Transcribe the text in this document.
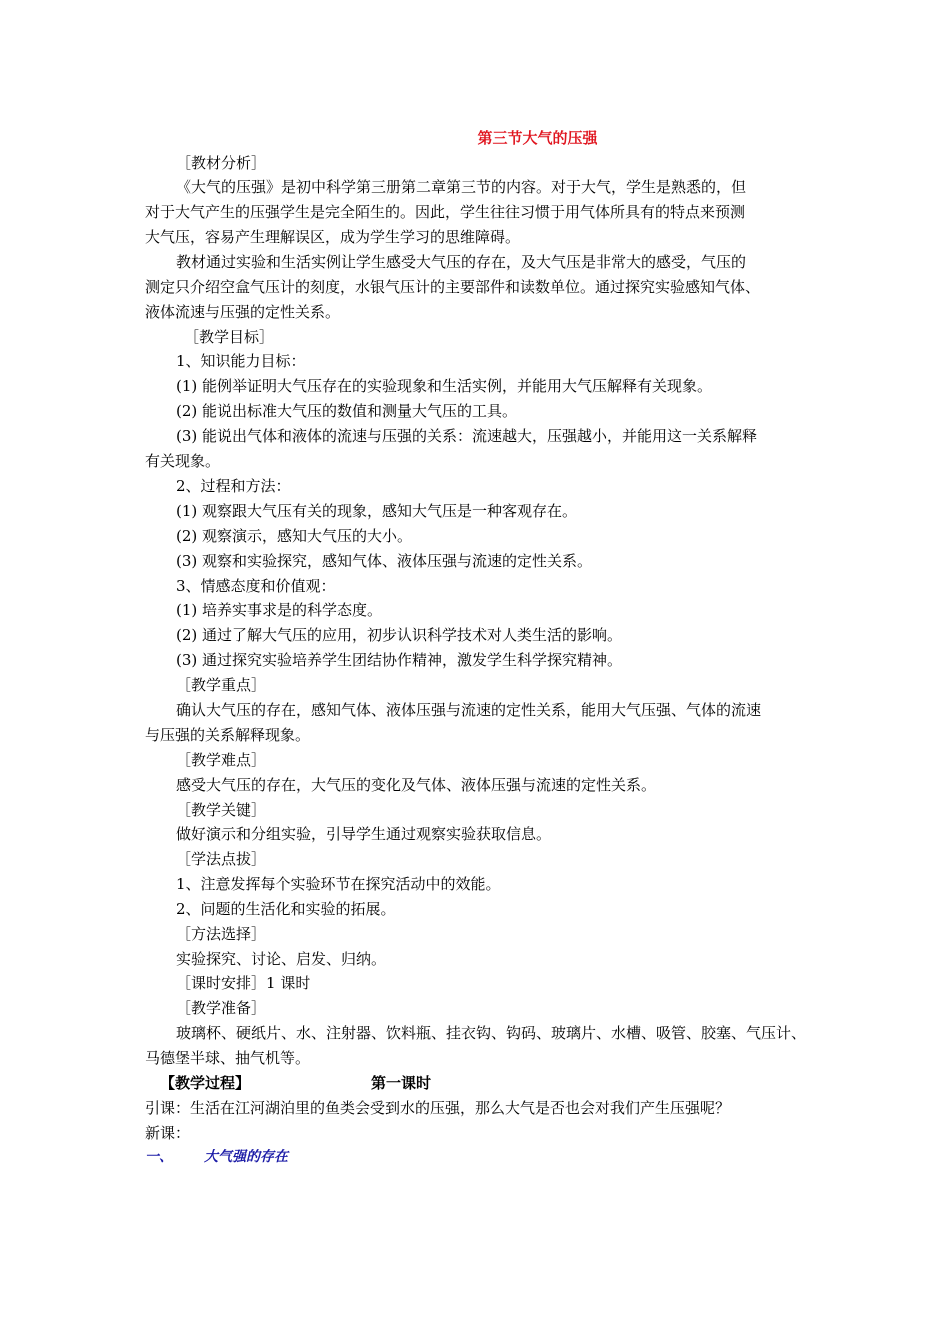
第三节大气的压强
［教材分析］
《大气的压强》是初中科学第三册第二章第三节的内容。对于大气，学生是熟悉的，但
对于大气产生的压强学生是完全陌生的。因此，学生往往习惯于用气体所具有的特点来预测
大气压，容易产生理解误区，成为学生学习的思维障碍。
教材通过实验和生活实例让学生感受大气压的存在，及大气压是非常大的感受，气压的
测定只介绍空盒气压计的刻度，水银气压计的主要部件和读数单位。通过探究实验感知气体、
液体流速与压强的定性关系。
［教学目标］
1、知识能力目标：
(1) 能例举证明大气压存在的实验现象和生活实例，并能用大气压解释有关现象。
(2) 能说出标准大气压的数值和测量大气压的工具。
(3) 能说出气体和液体的流速与压强的关系：流速越大，压强越小，并能用这一关系解释
有关现象。
2、过程和方法：
(1) 观察跟大气压有关的现象，感知大气压是一种客观存在。
(2) 观察演示，感知大气压的大小。
(3) 观察和实验探究，感知气体、液体压强与流速的定性关系。
3、情感态度和价值观：
(1) 培养实事求是的科学态度。
(2) 通过了解大气压的应用，初步认识科学技术对人类生活的影响。
(3) 通过探究实验培养学生团结协作精神，激发学生科学探究精神。
［教学重点］
确认大气压的存在，感知气体、液体压强与流速的定性关系，能用大气压强、气体的流速
与压强的关系解释现象。
［教学难点］
感受大气压的存在，大气压的变化及气体、液体压强与流速的定性关系。
［教学关键］
做好演示和分组实验，引导学生通过观察实验获取信息。
［学法点拔］
1、注意发挥每个实验环节在探究活动中的效能。
2、问题的生活化和实验的拓展。
［方法选择］
实验探究、讨论、启发、归纳。
［课时安排］1 课时
［教学准备］
玻璃杯、硬纸片、水、注射器、饮料瓶、挂衣钩、钩码、玻璃片、水槽、吸管、胶塞、气压计、
马德堡半球、抽气机等。
【教学过程】	第一课时
引课：生活在江河湖泊里的鱼类会受到水的压强，那么大气是否也会对我们产生压强呢？
新课：
一、 大气强的存在
